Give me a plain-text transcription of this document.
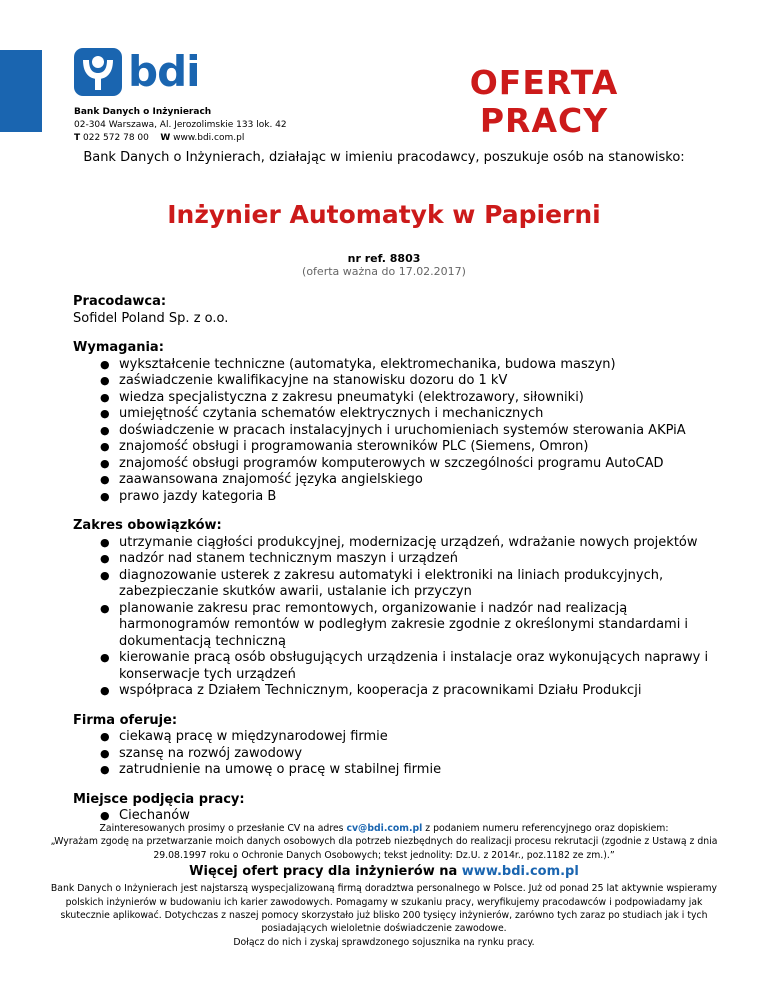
bdi
Bank Danych o Inżynierach
02-304 Warszawa, Al. Jerozolimskie 133 lok. 42
T 022 572 78 00 W www.bdi.com.pl
OFERTA
PRACY
Bank Danych o Inżynierach, działając w imieniu pracodawcy, poszukuje osób na stanowisko:
Inżynier Automatyk w Papierni
nr ref. 8803
(oferta ważna do 17.02.2017)
Pracodawca:

Sofidel Poland Sp. z o.o.

Wymagania:
● wykształcenie techniczne (automatyka, elektromechanika, budowa maszyn)
● zaświadczenie kwalifikacyjne na stanowisku dozoru do 1 kV
● wiedza specjalistyczna z zakresu pneumatyki (elektrozawory, siłowniki)
● umiejętność czytania schematów elektrycznych i mechanicznych
● doświadczenie w pracach instalacyjnych i uruchomieniach systemów sterowania AKPiA
● znajomość obsługi i programowania sterowników PLC (Siemens, Omron)
● znajomość obsługi programów komputerowych w szczególności programu AutoCAD
● zaawansowana znajomość języka angielskiego
● prawo jazdy kategoria B
Zakres obowiązków:
● utrzymanie ciągłości produkcyjnej, modernizację urządzeń, wdrażanie nowych projektów
● nadzór nad stanem technicznym maszyn i urządzeń
● diagnozowanie usterek z zakresu automatyki i elektroniki na liniach produkcyjnych, zabezpieczanie skutków awarii, ustalanie ich przyczyn
● planowanie zakresu prac remontowych, organizowanie i nadzór nad realizacją harmonogramów remontów w podległym zakresie zgodnie z określonymi standardami i dokumentacją techniczną
● kierowanie pracą osób obsługujących urządzenia i instalacje oraz wykonujących naprawy i konserwacje tych urządzeń
● współpraca z Działem Technicznym, kooperacja z pracownikami Działu Produkcji
Firma oferuje:
● ciekawą pracę w międzynarodowej firmie
● szansę na rozwój zawodowy
● zatrudnienie na umowę o pracę w stabilnej firmie
Miejsce podjęcia pracy:
● Ciechanów
Zainteresowanych prosimy o przesłanie CV na adres cv@bdi.com.pl z podaniem numeru referencyjnego oraz dopiskiem:
„Wyrażam zgodę na przetwarzanie moich danych osobowych dla potrzeb niezbędnych do realizacji procesu rekrutacji (zgodnie z Ustawą z dnia 29.08.1997 roku o Ochronie Danych Osobowych; tekst jednolity: Dz.U. z 2014r., poz.1182 ze zm.).”
Więcej ofert pracy dla inżynierów na www.bdi.com.pl
Bank Danych o Inżynierach jest najstarszą wyspecjalizowaną firmą doradztwa personalnego w Polsce. Już od ponad 25 lat aktywnie wspieramy polskich inżynierów w budowaniu ich karier zawodowych. Pomagamy w szukaniu pracy, weryfikujemy pracodawców i podpowiadamy jak skutecznie aplikować. Dotychczas z naszej pomocy skorzystało już blisko 200 tysięcy inżynierów, zarówno tych zaraz po studiach jak i tych posiadających wieloletnie doświadczenie zawodowe.
Dołącz do nich i zyskaj sprawdzonego sojusznika na rynku pracy.
